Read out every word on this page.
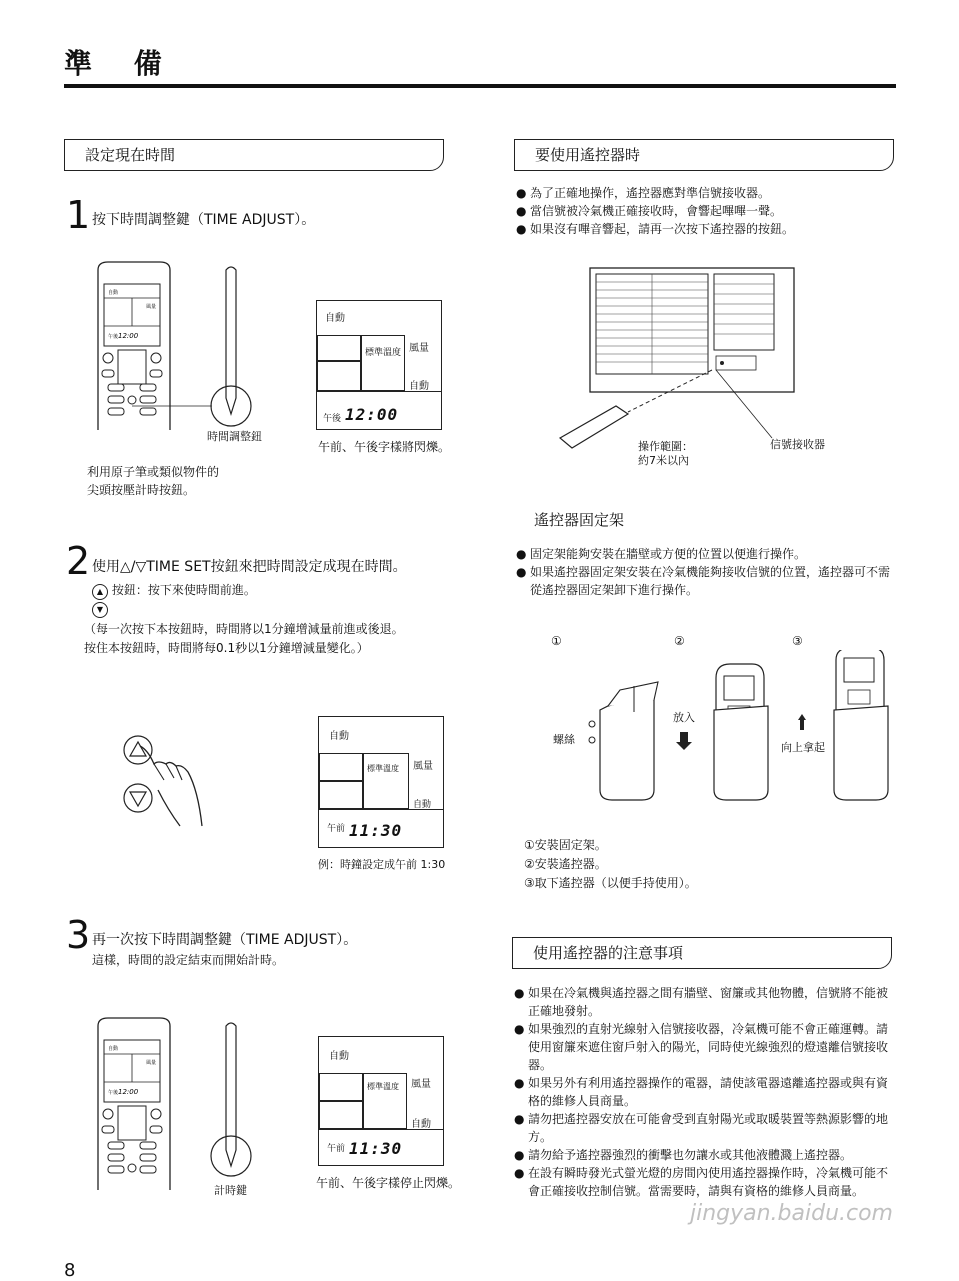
準 備
設定現在時間
1 按下時間調整鍵（TIME ADJUST）。
自動
風量
午後 12:00
時間調整鈕
利用原子筆或類似物件的
尖頭按壓計時按鈕。
自動
標準溫度 風量
自動
午後 12:00
午前、午後字樣將閃爍。
2 使用△/▽TIME SET按鈕來把時間設定成現在時間。
▲ 按鈕：按下來使時間前進。
▼
（每一次按下本按鈕時，時間將以1分鐘增減量前進或後退。
按住本按鈕時，時間將每0.1秒以1分鐘增減量變化。）
自動
標準溫度 風量
自動
午前 11:30
例：時鐘設定成午前 1:30
3 再一次按下時間調整鍵（TIME ADJUST）。
這樣，時間的設定結束而開始計時。
自動
風量
午後 12:00
計時鍵
自動
標準溫度 風量
自動
午前 11:30
午前、午後字樣停止閃爍。
要使用遙控器時
● 為了正確地操作，遙控器應對準信號接收器。
● 當信號被冷氣機正確接收時，會響起嗶嗶一聲。
● 如果沒有嗶音響起，請再一次按下遙控器的按鈕。
操作範圍：
約7米以內
信號接收器
遙控器固定架
● 固定架能夠安裝在牆壁或方便的位置以便進行操作。
● 如果遙控器固定架安裝在冷氣機能夠接收信號的位置，遙控器可不需從遙控器固定架卸下進行操作。
①	②	③
螺絲
放入
向上拿起
①安裝固定架。
②安裝遙控器。
③取下遙控器（以便手持使用）。
使用遙控器的注意事項
● 如果在冷氣機與遙控器之間有牆壁、窗簾或其他物體，信號將不能被正確地發射。
● 如果強烈的直射光線射入信號接收器，冷氣機可能不會正確運轉。請使用窗簾來遮住窗戶射入的陽光，同時使光線強烈的燈遠離信號接收器。
● 如果另外有利用遙控器操作的電器，請使該電器遠離遙控器或與有資格的維修人員商量。
● 請勿把遙控器安放在可能會受到直射陽光或取暖裝置等熱源影響的地方。
● 請勿給予遙控器強烈的衝擊也勿讓水或其他液體濺上遙控器。
● 在設有瞬時發光式螢光燈的房間內使用遙控器操作時，冷氣機可能不會正確接收控制信號。當需要時，請與有資格的維修人員商量。
8
jingyan.baidu.com
